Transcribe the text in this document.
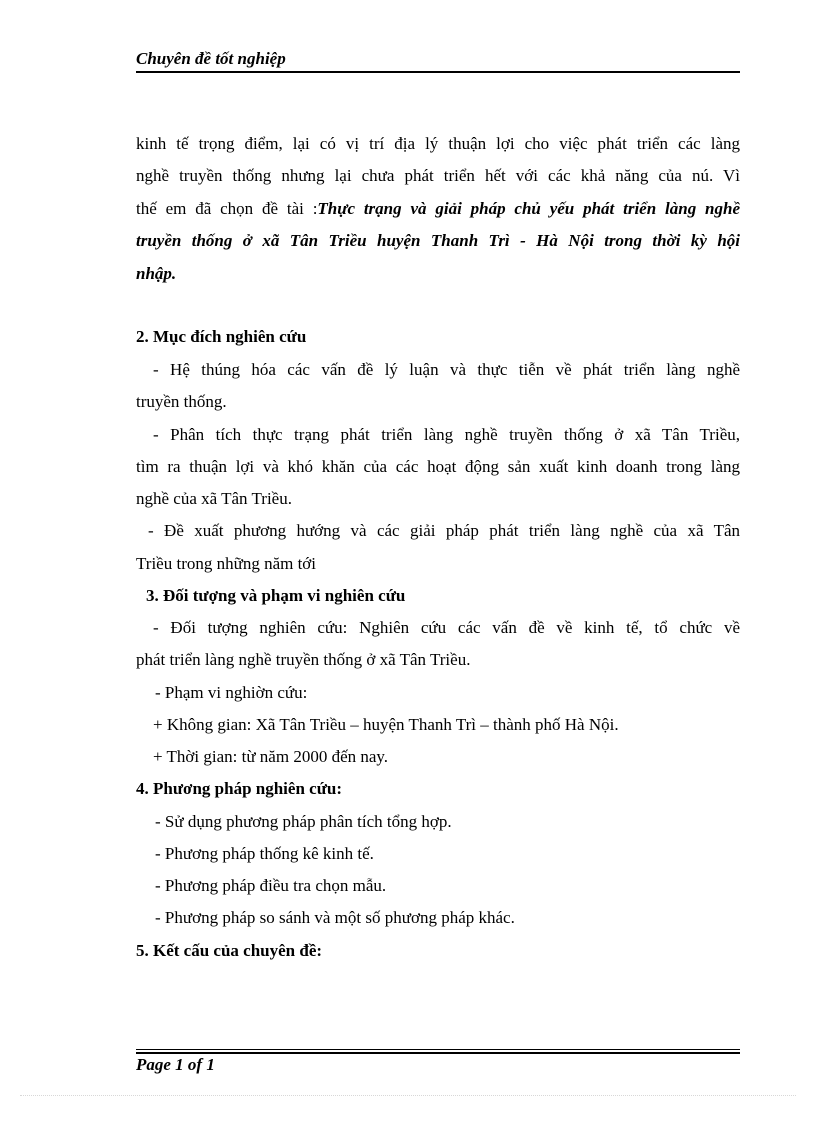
Chuyên đề tốt nghiệp
kinh tế trọng điểm, lại có vị trí địa lý thuận lợi cho việc phát triển các làng
nghề truyền thống nhưng lại chưa phát triển hết với các khả năng của nú. Vì
thế em đã chọn đề tài :Thực trạng và giải pháp chủ yếu phát triển làng nghề
truyền thống ở xã Tân Triều huyện Thanh Trì - Hà Nội trong thời kỳ hội
nhập.
2. Mục đích nghiên cứu
- Hệ thúng hóa các vấn đề lý luận và thực tiễn về phát triển làng nghề
truyền thống.
- Phân tích thực trạng phát triển làng nghề truyền thống ở xã Tân Triều,
tìm ra thuận lợi và khó khăn của các hoạt động sản xuất kinh doanh trong làng
nghề của xã Tân Triều.
- Đề xuất phương hướng và các giải pháp phát triển làng nghề của xã Tân
Triều trong những năm tới
3. Đối tượng và phạm vi nghiên cứu
- Đối tượng nghiên cứu: Nghiên cứu các vấn đề về kinh tế, tổ chức về
phát triển làng nghề truyền thống ở xã Tân Triều.
- Phạm vi nghiờn cứu:
+ Không gian: Xã Tân Triều – huyện Thanh Trì – thành phố Hà Nội.
+ Thời gian: từ năm 2000 đến nay.
4. Phương pháp nghiên cứu:
- Sử dụng phương pháp phân tích tổng hợp.
- Phương pháp thống kê kinh tế.
- Phương pháp điều tra chọn mẫu.
- Phương pháp so sánh và một số phương pháp khác.
5. Kết cấu của chuyên đề:
Page 1 of 1
